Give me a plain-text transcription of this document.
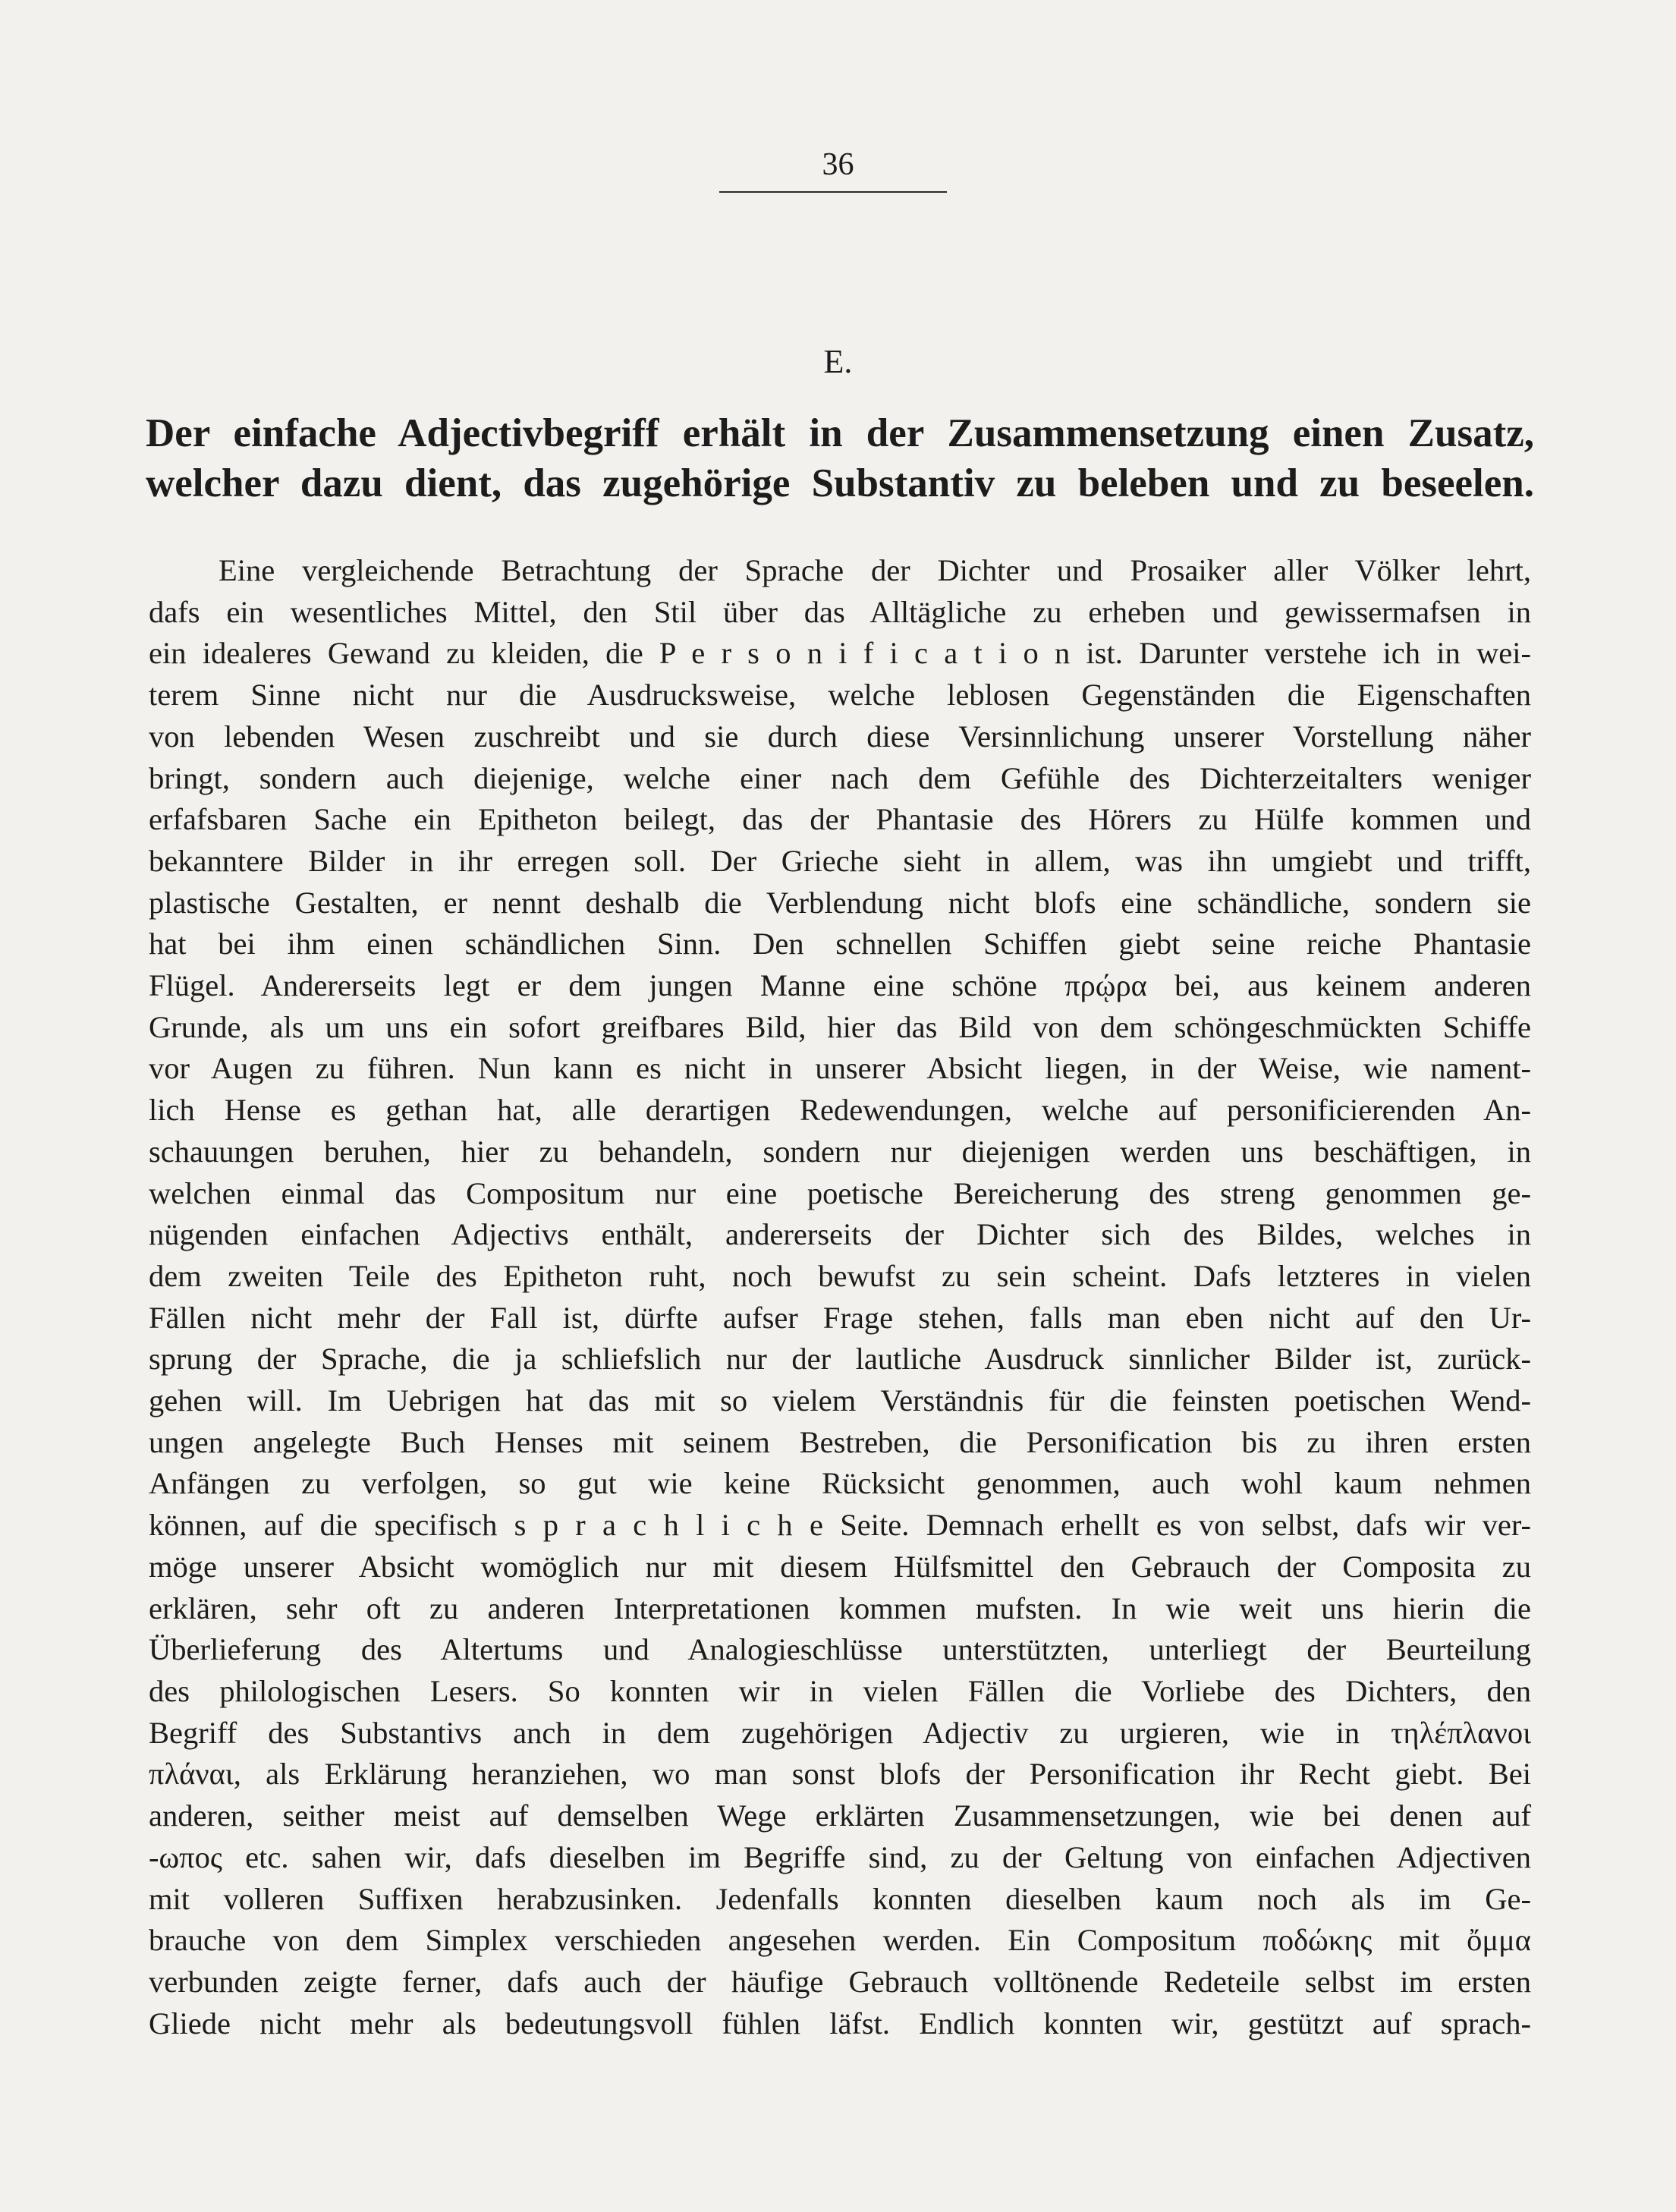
36
E.
Der einfache Adjectivbegriff erhält in der Zusammensetzung einen Zusatz,
welcher dazu dient, das zugehörige Substantiv zu beleben und zu beseelen.
Eine vergleichende Betrachtung der Sprache der Dichter und Prosaiker aller Völker lehrt,
dafs ein wesentliches Mittel, den Stil über das Alltägliche zu erheben und gewissermafsen in
ein idealeres Gewand zu kleiden, die P e r s o n i f i c a t i o n ist. Darunter verstehe ich in wei-
terem Sinne nicht nur die Ausdrucksweise, welche leblosen Gegenständen die Eigenschaften
von lebenden Wesen zuschreibt und sie durch diese Versinnlichung unserer Vorstellung näher
bringt, sondern auch diejenige, welche einer nach dem Gefühle des Dichterzeitalters weniger
erfafsbaren Sache ein Epitheton beilegt, das der Phantasie des Hörers zu Hülfe kommen und
bekanntere Bilder in ihr erregen soll. Der Grieche sieht in allem, was ihn umgiebt und trifft,
plastische Gestalten, er nennt deshalb die Verblendung nicht blofs eine schändliche, sondern sie
hat bei ihm einen schändlichen Sinn. Den schnellen Schiffen giebt seine reiche Phantasie
Flügel. Andererseits legt er dem jungen Manne eine schöne πρῴρα bei, aus keinem anderen
Grunde, als um uns ein sofort greifbares Bild, hier das Bild von dem schöngeschmückten Schiffe
vor Augen zu führen. Nun kann es nicht in unserer Absicht liegen, in der Weise, wie nament-
lich Hense es gethan hat, alle derartigen Redewendungen, welche auf personificierenden An-
schauungen beruhen, hier zu behandeln, sondern nur diejenigen werden uns beschäftigen, in
welchen einmal das Compositum nur eine poetische Bereicherung des streng genommen ge-
nügenden einfachen Adjectivs enthält, andererseits der Dichter sich des Bildes, welches in
dem zweiten Teile des Epitheton ruht, noch bewufst zu sein scheint. Dafs letzteres in vielen
Fällen nicht mehr der Fall ist, dürfte aufser Frage stehen, falls man eben nicht auf den Ur-
sprung der Sprache, die ja schliefslich nur der lautliche Ausdruck sinnlicher Bilder ist, zurück-
gehen will. Im Uebrigen hat das mit so vielem Verständnis für die feinsten poetischen Wend-
ungen angelegte Buch Henses mit seinem Bestreben, die Personification bis zu ihren ersten
Anfängen zu verfolgen, so gut wie keine Rücksicht genommen, auch wohl kaum nehmen
können, auf die specifisch s p r a c h l i c h e Seite. Demnach erhellt es von selbst, dafs wir ver-
möge unserer Absicht womöglich nur mit diesem Hülfsmittel den Gebrauch der Composita zu
erklären, sehr oft zu anderen Interpretationen kommen mufsten. In wie weit uns hierin die
Überlieferung des Altertums und Analogieschlüsse unterstützten, unterliegt der Beurteilung
des philologischen Lesers. So konnten wir in vielen Fällen die Vorliebe des Dichters, den
Begriff des Substantivs anch in dem zugehörigen Adjectiv zu urgieren, wie in τηλέπλανοι
πλάναι, als Erklärung heranziehen, wo man sonst blofs der Personification ihr Recht giebt. Bei
anderen, seither meist auf demselben Wege erklärten Zusammensetzungen, wie bei denen auf
-ωπος etc. sahen wir, dafs dieselben im Begriffe sind, zu der Geltung von einfachen Adjectiven
mit volleren Suffixen herabzusinken. Jedenfalls konnten dieselben kaum noch als im Ge-
brauche von dem Simplex verschieden angesehen werden. Ein Compositum ποδώκης mit ὄμμα
verbunden zeigte ferner, dafs auch der häufige Gebrauch volltönende Redeteile selbst im ersten
Gliede nicht mehr als bedeutungsvoll fühlen läfst. Endlich konnten wir, gestützt auf sprach-
